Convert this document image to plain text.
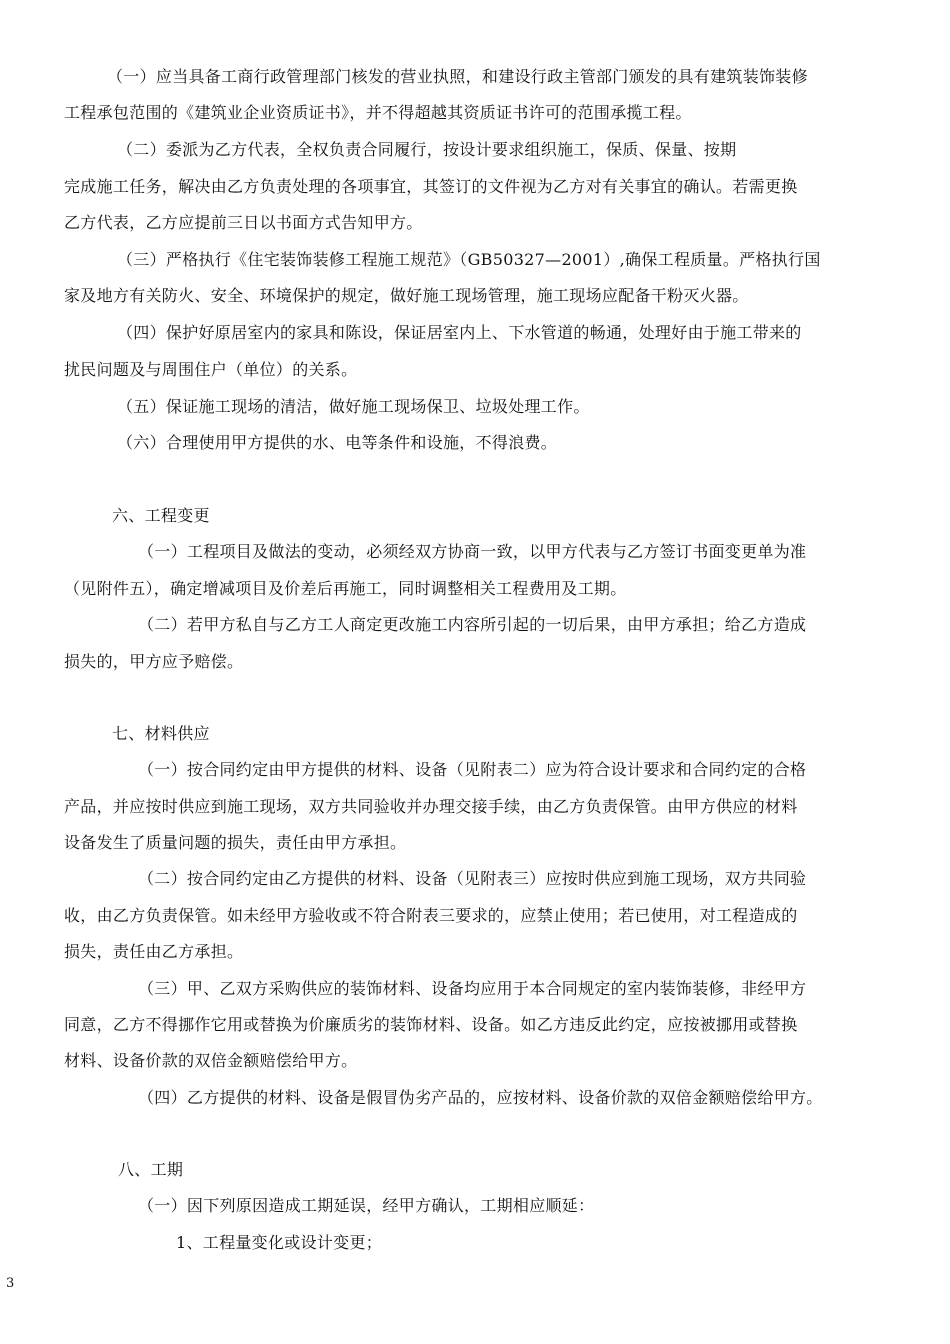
（一）应当具备工商行政管理部门核发的营业执照，和建设行政主管部门颁发的具有建筑装饰装修
工程承包范围的《建筑业企业资质证书》，并不得超越其资质证书许可的范围承揽工程。
（二）委派为乙方代表，全权负责合同履行，按设计要求组织施工，保质、保量、按期
完成施工任务，解决由乙方负责处理的各项事宜，其签订的文件视为乙方对有关事宜的确认。若需更换
乙方代表，乙方应提前三日以书面方式告知甲方。
（三）严格执行《住宅装饰装修工程施工规范》（GB50327—2001）,确保工程质量。严格执行国
家及地方有关防火、安全、环境保护的规定，做好施工现场管理，施工现场应配备干粉灭火器。
（四）保护好原居室内的家具和陈设，保证居室内上、下水管道的畅通，处理好由于施工带来的
扰民问题及与周围住户（单位）的关系。
（五）保证施工现场的清洁，做好施工现场保卫、垃圾处理工作。
（六）合理使用甲方提供的水、电等条件和设施，不得浪费。
六、工程变更
（一）工程项目及做法的变动，必须经双方协商一致，以甲方代表与乙方签订书面变更单为准
（见附件五），确定增减项目及价差后再施工，同时调整相关工程费用及工期。
（二）若甲方私自与乙方工人商定更改施工内容所引起的一切后果，由甲方承担；给乙方造成
损失的，甲方应予赔偿。
七、材料供应
（一）按合同约定由甲方提供的材料、设备（见附表二）应为符合设计要求和合同约定的合格
产品，并应按时供应到施工现场，双方共同验收并办理交接手续，由乙方负责保管。由甲方供应的材料
设备发生了质量问题的损失，责任由甲方承担。
（二）按合同约定由乙方提供的材料、设备（见附表三）应按时供应到施工现场，双方共同验
收，由乙方负责保管。如未经甲方验收或不符合附表三要求的，应禁止使用；若已使用，对工程造成的
损失，责任由乙方承担。
（三）甲、乙双方采购供应的装饰材料、设备均应用于本合同规定的室内装饰装修，非经甲方
同意，乙方不得挪作它用或替换为价廉质劣的装饰材料、设备。如乙方违反此约定，应按被挪用或替换
材料、设备价款的双倍金额赔偿给甲方。
（四）乙方提供的材料、设备是假冒伪劣产品的，应按材料、设备价款的双倍金额赔偿给甲方。
八、工期
（一）因下列原因造成工期延误，经甲方确认，工期相应顺延：
1、工程量变化或设计变更；
3
